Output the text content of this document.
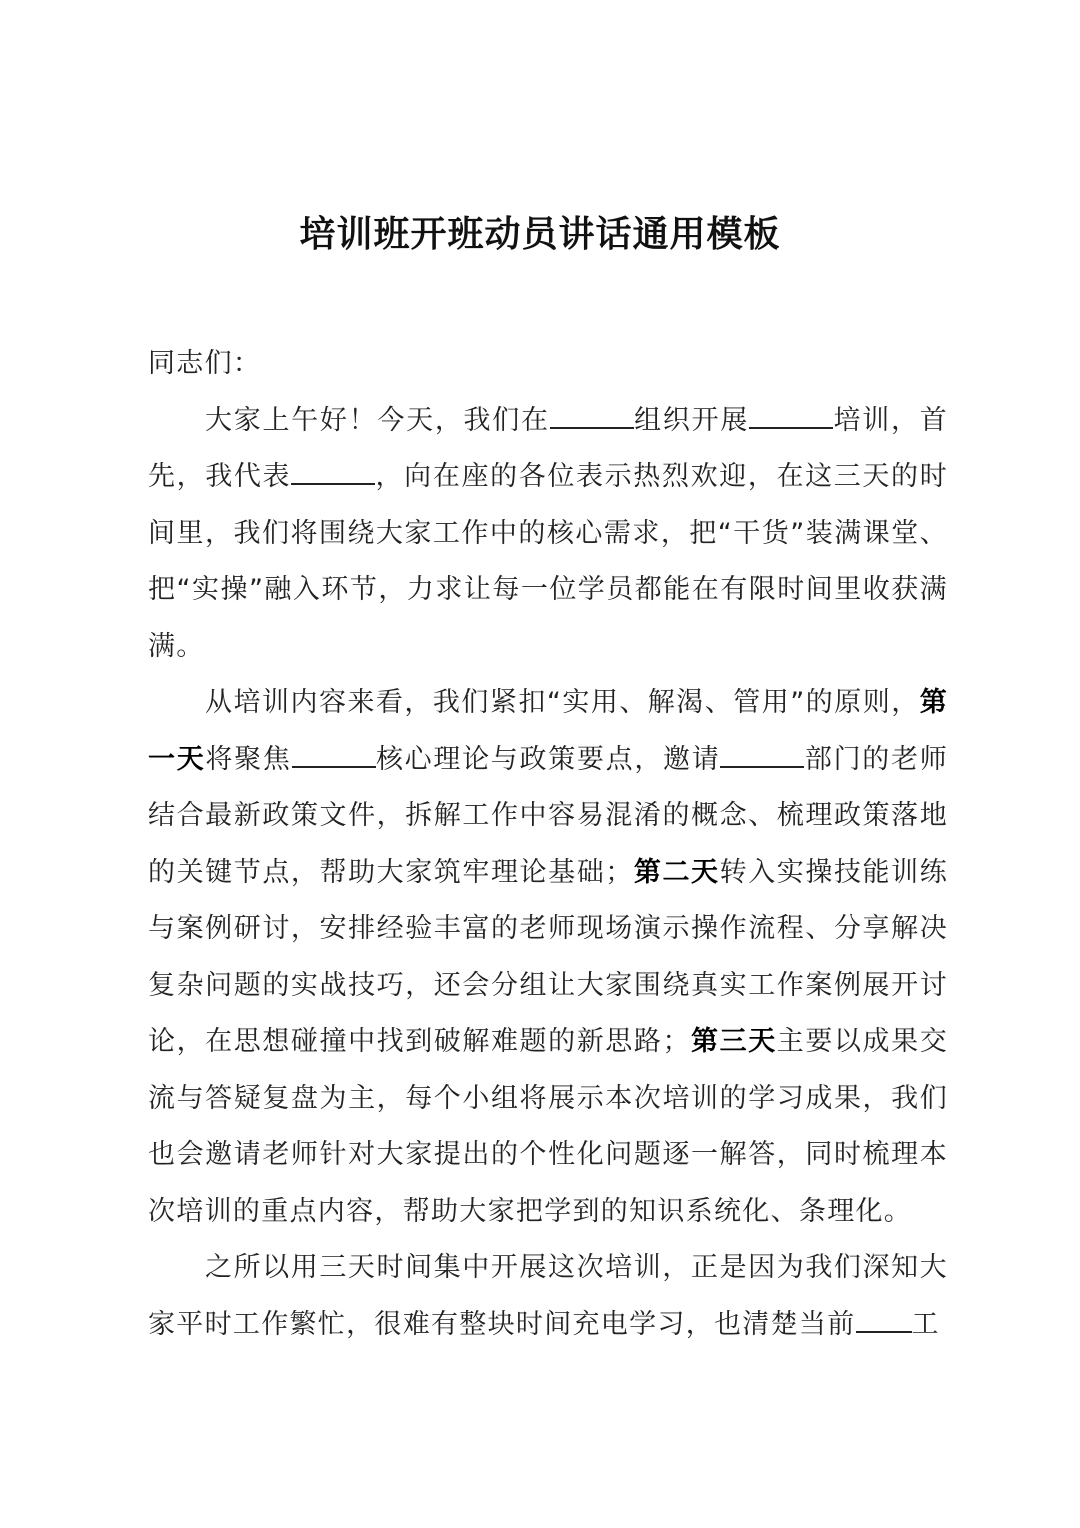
培训班开班动员讲话通用模板

同志们：

大家上午好！今天，我们在	组织开展	培训，首先，我代表	，向在座的各位表示热烈欢迎，在这三天的时间里，我们将围绕大家工作中的核心需求，把“干货”装满课堂、把“实操”融入环节，力求让每一位学员都能在有限时间里收获满满。

从培训内容来看，我们紧扣“实用、解渴、管用”的原则，第一天将聚焦	核心理论与政策要点，邀请	部门的老师结合最新政策文件，拆解工作中容易混淆的概念、梳理政策落地的关键节点，帮助大家筑牢理论基础；第二天转入实操技能训练与案例研讨，安排经验丰富的老师现场演示操作流程、分享解决复杂问题的实战技巧，还会分组让大家围绕真实工作案例展开讨论，在思想碰撞中找到破解难题的新思路；第三天主要以成果交流与答疑复盘为主，每个小组将展示本次培训的学习成果，我们也会邀请老师针对大家提出的个性化问题逐一解答，同时梳理本次培训的重点内容，帮助大家把学到的知识系统化、条理化。

之所以用三天时间集中开展这次培训，正是因为我们深知大家平时工作繁忙，很难有整块时间充电学习，也清楚当前 工
